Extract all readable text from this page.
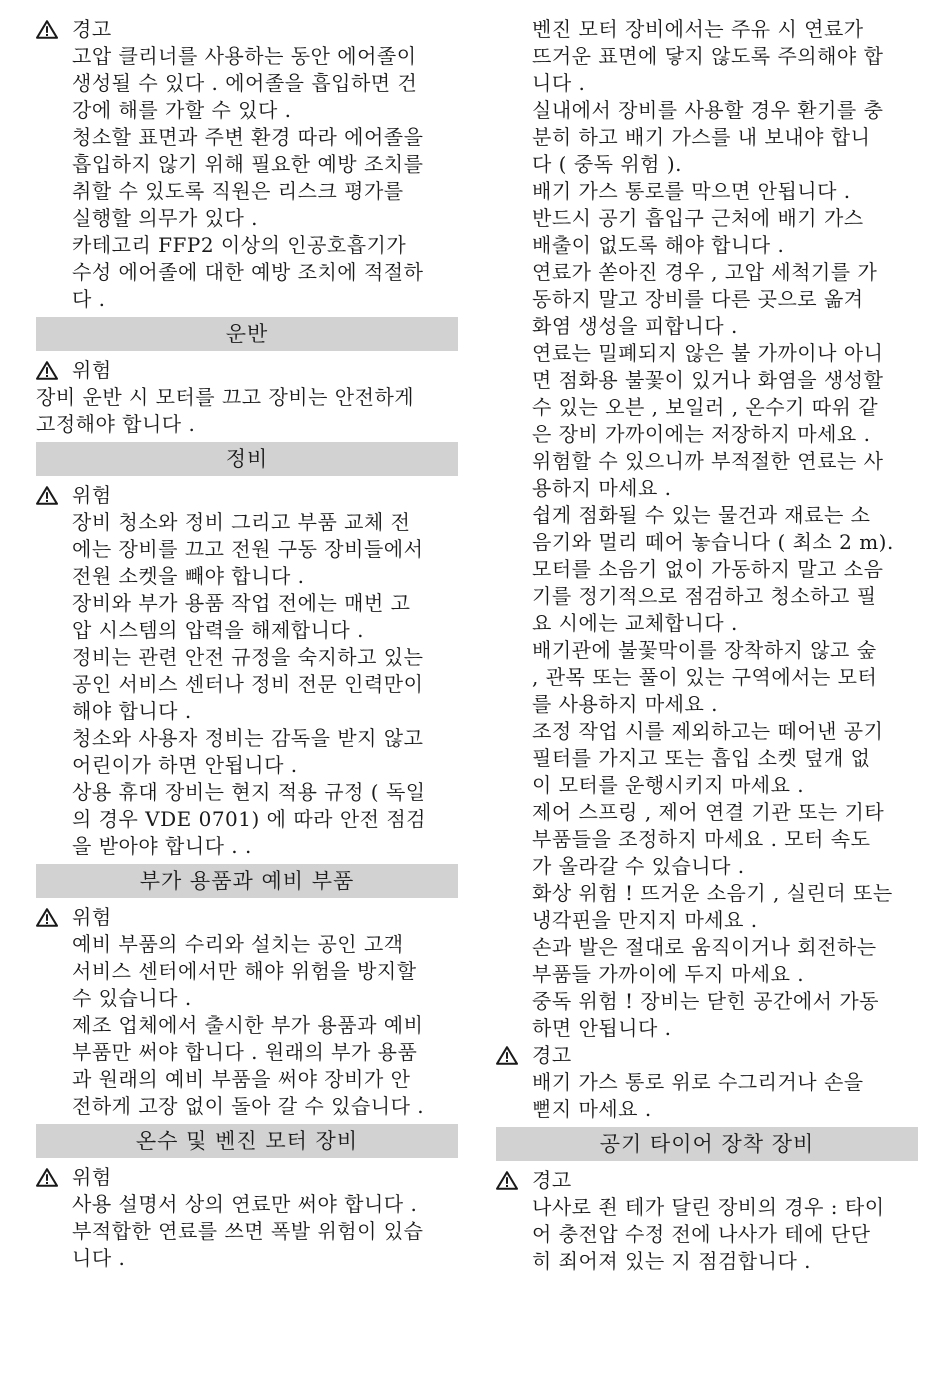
경고

고압 클리너를 사용하는 동안 에어졸이

생성될 수 있다 . 에어졸을 흡입하면 건

강에 해를 가할 수 있다 .

청소할 표면과 주변 환경 따라 에어졸을

흡입하지 않기 위해 필요한 예방 조치를

취할 수 있도록 직원은 리스크 평가를

실행할 의무가 있다 .

카테고리 FFP2 이상의 인공호흡기가

수성 에어졸에 대한 예방 조치에 적절하

다 .

운반

위험

장비 운반 시 모터를 끄고 장비는 안전하게

고정해야 합니다 .

정비

위험

장비 청소와 정비 그리고 부품 교체 전

에는 장비를 끄고 전원 구동 장비들에서

전원 소켓을 빼야 합니다 .

장비와 부가 용품 작업 전에는 매번 고

압 시스템의 압력을 해제합니다 .

정비는 관련 안전 규정을 숙지하고 있는

공인 서비스 센터나 정비 전문 인력만이

해야 합니다 .

청소와 사용자 정비는 감독을 받지 않고

어린이가 하면 안됩니다 .

상용 휴대 장비는 현지 적용 규정 ( 독일

의 경우 VDE 0701) 에 따라 안전 점검

을 받아야 합니다 . .

부가 용품과 예비 부품

위험

예비 부품의 수리와 설치는 공인 고객

서비스 센터에서만 해야 위험을 방지할

수 있습니다 .

제조 업체에서 출시한 부가 용품과 예비

부품만 써야 합니다 . 원래의 부가 용품

과 원래의 예비 부품을 써야 장비가 안

전하게 고장 없이 돌아 갈 수 있습니다 .

온수 및 벤진 모터 장비

위험

사용 설명서 상의 연료만 써야 합니다 .

부적합한 연료를 쓰면 폭발 위험이 있습

니다 .

벤진 모터 장비에서는 주유 시 연료가

뜨거운 표면에 닿지 않도록 주의해야 합

니다 .

실내에서 장비를 사용할 경우 환기를 충

분히 하고 배기 가스를 내 보내야 합니

다 ( 중독 위험 ).

배기 가스 통로를 막으면 안됩니다 .

반드시 공기 흡입구 근처에 배기 가스

배출이 없도록 해야 합니다 .

연료가 쏟아진 경우 , 고압 세척기를 가

동하지 말고 장비를 다른 곳으로 옮겨

화염 생성을 피합니다 .

연료는 밀폐되지 않은 불 가까이나 아니

면 점화용 불꽃이 있거나 화염을 생성할

수 있는 오븐 , 보일러 , 온수기 따위 같

은 장비 가까이에는 저장하지 마세요 .

위험할 수 있으니까 부적절한 연료는 사

용하지 마세요 .

쉽게 점화될 수 있는 물건과 재료는 소

음기와 멀리 떼어 놓습니다 ( 최소 2 m).

모터를 소음기 없이 가동하지 말고 소음

기를 정기적으로 점검하고 청소하고 필

요 시에는 교체합니다 .

배기관에 불꽃막이를 장착하지 않고 숲

, 관목 또는 풀이 있는 구역에서는 모터

를 사용하지 마세요 .

조정 작업 시를 제외하고는 떼어낸 공기

필터를 가지고 또는 흡입 소켓 덮개 없

이 모터를 운행시키지 마세요 .

제어 스프링 , 제어 연결 기관 또는 기타

부품들을 조정하지 마세요 . 모터 속도

가 올라갈 수 있습니다 .

화상 위험 ! 뜨거운 소음기 , 실린더 또는

냉각핀을 만지지 마세요 .

손과 발은 절대로 움직이거나 회전하는

부품들 가까이에 두지 마세요 .

중독 위험 ! 장비는 닫힌 공간에서 가동

하면 안됩니다 .

경고

배기 가스 통로 위로 수그리거나 손을

뻗지 마세요 .

공기 타이어 장착 장비

경고

나사로 죈 테가 달린 장비의 경우 : 타이

어 충전압 수정 전에 나사가 테에 단단

히 죄어져 있는 지 점검합니다 .
